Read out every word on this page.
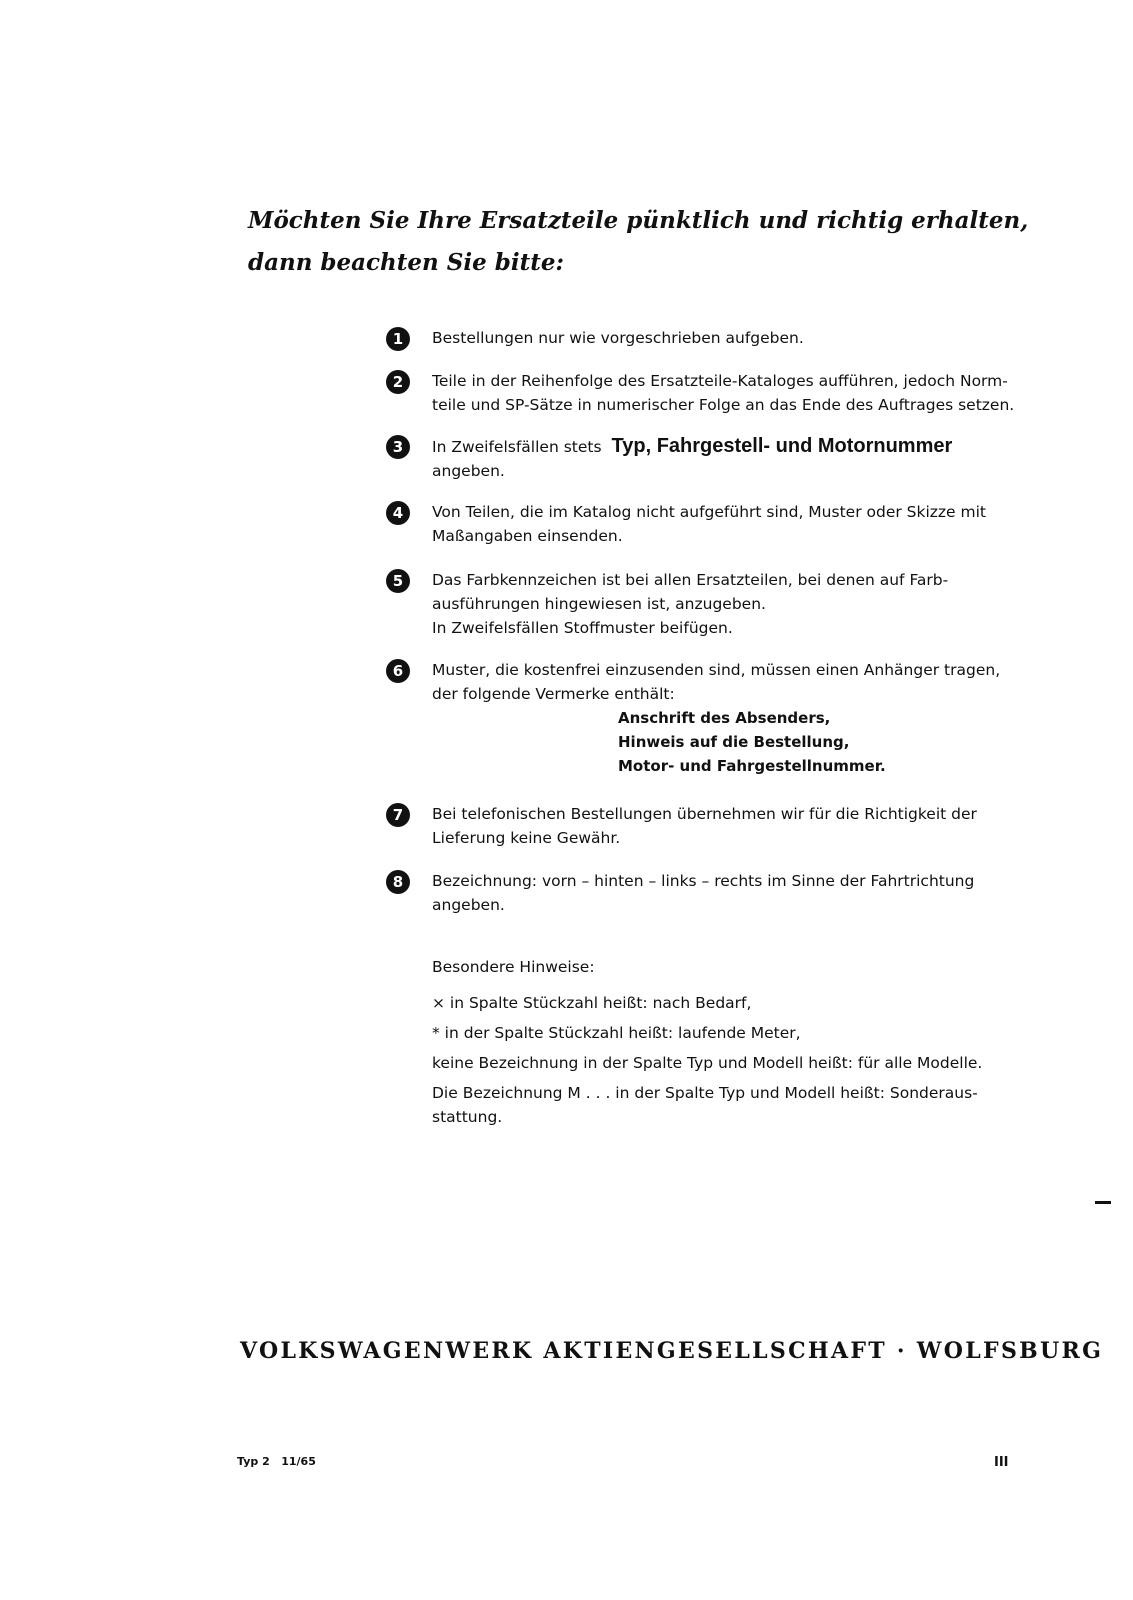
Möchten Sie Ihre Ersatzteile pünktlich und richtig erhalten,
dann beachten Sie bitte:
1	Bestellungen nur wie vorgeschrieben aufgeben.
2	Teile in der Reihenfolge des Ersatzteile-Kataloges aufführen, jedoch Norm-
teile und SP-Sätze in numerischer Folge an das Ende des Auftrages setzen.
3	In Zweifelsfällen stets Typ, Fahrgestell- und Motornummer
angeben.
4	Von Teilen, die im Katalog nicht aufgeführt sind, Muster oder Skizze mit
Maßangaben einsenden.
5	Das Farbkennzeichen ist bei allen Ersatzteilen, bei denen auf Farb-
ausführungen hingewiesen ist, anzugeben.
In Zweifelsfällen Stoffmuster beifügen.
6	Muster, die kostenfrei einzusenden sind, müssen einen Anhänger tragen,
der folgende Vermerke enthält:
Anschrift des Absenders,
Hinweis auf die Bestellung,
Motor- und Fahrgestellnummer.
7	Bei telefonischen Bestellungen übernehmen wir für die Richtigkeit der
Lieferung keine Gewähr.
8	Bezeichnung: vorn – hinten – links – rechts im Sinne der Fahrtrichtung
angeben.
Besondere Hinweise:
× in Spalte Stückzahl heißt: nach Bedarf,
* in der Spalte Stückzahl heißt: laufende Meter,
keine Bezeichnung in der Spalte Typ und Modell heißt: für alle Modelle.
Die Bezeichnung M . . . in der Spalte Typ und Modell heißt: Sonderaus-
stattung.
VOLKSWAGENWERK AKTIENGESELLSCHAFT · WOLFSBURG
Typ 2   11/65	III
